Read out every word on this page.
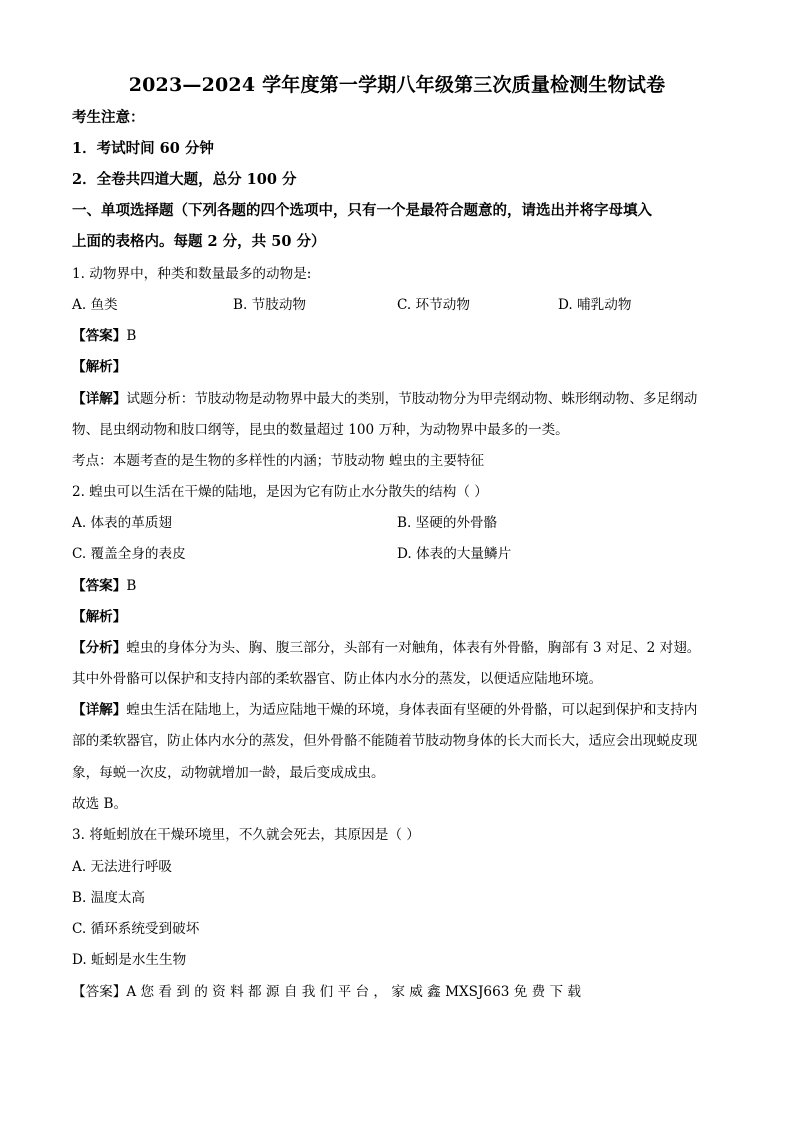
2023—2024 学年度第一学期八年级第三次质量检测生物试卷
考生注意：
1．考试时间 60 分钟
2．全卷共四道大题，总分 100 分
一、单项选择题（下列各题的四个选项中，只有一个是最符合题意的，请选出并将字母填入
上面的表格内。每题 2 分，共 50 分）
1. 动物界中，种类和数量最多的动物是:
A. 鱼类	B. 节肢动物	C. 环节动物	D. 哺乳动物
【答案】B
【解析】
【详解】试题分析：节肢动物是动物界中最大的类别，节肢动物分为甲壳纲动物、蛛形纲动物、多足纲动
物、昆虫纲动物和肢口纲等，昆虫的数量超过 100 万种，为动物界中最多的一类。
考点：本题考查的是生物的多样性的内涵；节肢动物 蝗虫的主要特征
2. 蝗虫可以生活在干燥的陆地，是因为它有防止水分散失的结构（ ）
A. 体表的革质翅	B. 坚硬的外骨骼
C. 覆盖全身的表皮	D. 体表的大量鳞片
【答案】B
【解析】
【分析】蝗虫的身体分为头、胸、腹三部分，头部有一对触角，体表有外骨骼，胸部有 3 对足、2 对翅。
其中外骨骼可以保护和支持内部的柔软器官、防止体内水分的蒸发，以便适应陆地环境。
【详解】蝗虫生活在陆地上，为适应陆地干燥的环境，身体表面有坚硬的外骨骼，可以起到保护和支持内
部的柔软器官，防止体内水分的蒸发，但外骨骼不能随着节肢动物身体的长大而长大，适应会出现蜕皮现
象，每蜕一次皮，动物就增加一龄，最后变成成虫。
故选 B。
3. 将蚯蚓放在干燥环境里，不久就会死去，其原因是（ ）
A. 无法进行呼吸
B. 温度太高
C. 循环系统受到破坏
D. 蚯蚓是水生生物
【答案】A 您 看 到 的 资 料 都 源 自 我 们 平 台 ， 家 威 鑫 MXSJ663 免 费 下 载
